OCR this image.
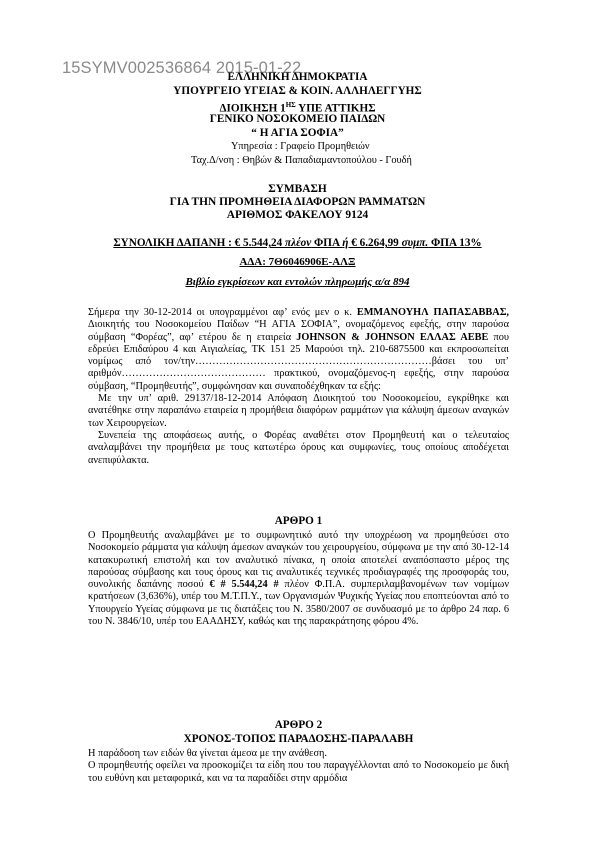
15SYMV002536864 2015-01-22
ΕΛΛΗΝΙΚΗ ΔΗΜΟΚΡΑΤΙΑ
ΥΠΟΥΡΓΕΙΟ ΥΓΕΙΑΣ & ΚΟΙΝ. ΑΛΛΗΛΕΓΓΥΗΣ
ΔΙΟΙΚΗΣΗ $1^{H\Sigma}$ ΥΠΕ ΑΤΤΙΚΗΣ
ΓΕΝΙΚΟ ΝΟΣΟΚΟΜΕΙΟ ΠΑΙΔΩΝ
“ Η ΑΓΙΑ ΣΟΦΙΑ”
Υπηρεσία : Γραφείο Προμηθειών
Ταχ.Δ/νση : Θηβών & Παπαδιαμαντοπούλου - Γουδή
ΣΥΜΒΑΣΗ
ΓΙΑ ΤΗΝ ΠΡΟΜΗΘΕΙΑ ΔΙΑΦΟΡΩΝ ΡΑΜΜΑΤΩΝ
ΑΡΙΘΜΟΣ ΦΑΚΕΛΟΥ 9124
ΣΥΝΟΛΙΚΗ ΔΑΠΑΝΗ : € 5.544,24 πλέον ΦΠΑ ή € 6.264,99 συμπ. ΦΠΑ 13%
ΑΔΑ: 7Θ6046906Ε-ΑΛΞ
Βιβλίο εγκρίσεων και εντολών πληρωμής α/α 894

Σήμερα την 30-12-2014 οι υπογραμμένοι αφ’ ενός μεν ο κ. ΕΜΜΑΝΟΥΗΛ ΠΑΠΑΣΑΒΒΑΣ, Διοικητής του Νοσοκομείου Παίδων “Η ΑΓΙΑ ΣΟΦΙΑ”, ονομαζόμενος εφεξής, στην παρούσα σύμβαση “Φορέας”, αφ’ ετέρου δε η εταιρεία JOHNSON & JOHNSON ΕΛΛΑΣ ΑΕΒΕ που εδρεύει Επιδαύρου 4 και Αιγιαλείας, ΤΚ 151 25 Μαρούσι τηλ. 210-6875500 και εκπροσωπείται νομίμως από τον/την……………………………………………………………βάσει του υπ’ αριθμόν…………………………………… πρακτικού, ονομαζόμενος-η εφεξής, στην παρούσα σύμβαση, “Προμηθευτής”, συμφώνησαν και συναποδέχθηκαν τα εξής:

Με την υπ’ αριθ. 29137/18-12-2014 Απόφαση Διοικητού του Νοσοκομείου, εγκρίθηκε και ανατέθηκε στην παραπάνω εταιρεία η προμήθεια διαφόρων ραμμάτων για κάλυψη άμεσων αναγκών των Χειρουργείων.

Συνεπεία της αποφάσεως αυτής, ο Φορέας αναθέτει στον Προμηθευτή και ο τελευταίος αναλαμβάνει την προμήθεια με τους κατωτέρω όρους και συμφωνίες, τους οποίους αποδέχεται ανεπιφύλακτα.

ΑΡΘΡΟ 1

Ο Προμηθευτής αναλαμβάνει με το συμφωνητικό αυτό την υποχρέωση να προμηθεύσει στο Νοσοκομείο ράμματα για κάλυψη άμεσων αναγκών του χειρουργείου, σύμφωνα με την από 30-12-14 κατακυρωτική επιστολή και τον αναλυτικό πίνακα, η οποία αποτελεί αναπόσπαστο μέρος της παρούσας σύμβασης και τους όρους και τις αναλυτικές τεχνικές προδιαγραφές της προσφοράς του, συνολικής δαπάνης ποσού € # 5.544,24 # πλέον Φ.Π.Α. συμπεριλαμβανομένων των νομίμων κρατήσεων (3,636%), υπέρ του Μ.Τ.Π.Υ., των Οργανισμών Ψυχικής Υγείας που εποπτεύονται από το Υπουργείο Υγείας σύμφωνα με τις διατάξεις του Ν. 3580/2007 σε συνδυασμό με το άρθρο 24 παρ. 6 του Ν. 3846/10, υπέρ του ΕΑΑΔΗΣΥ, καθώς και της παρακράτησης φόρου 4%.

ΑΡΘΡΟ 2
ΧΡΟΝΟΣ-ΤΟΠΟΣ ΠΑΡΑΔΟΣΗΣ-ΠΑΡΑΛΑΒΗ

Η παράδοση των ειδών θα γίνεται άμεσα με την ανάθεση.

Ο προμηθευτής οφείλει να προσκομίζει τα είδη που του παραγγέλλονται από το Νοσοκομείο με δική του ευθύνη και μεταφορικά, και να τα παραδίδει στην αρμόδια
